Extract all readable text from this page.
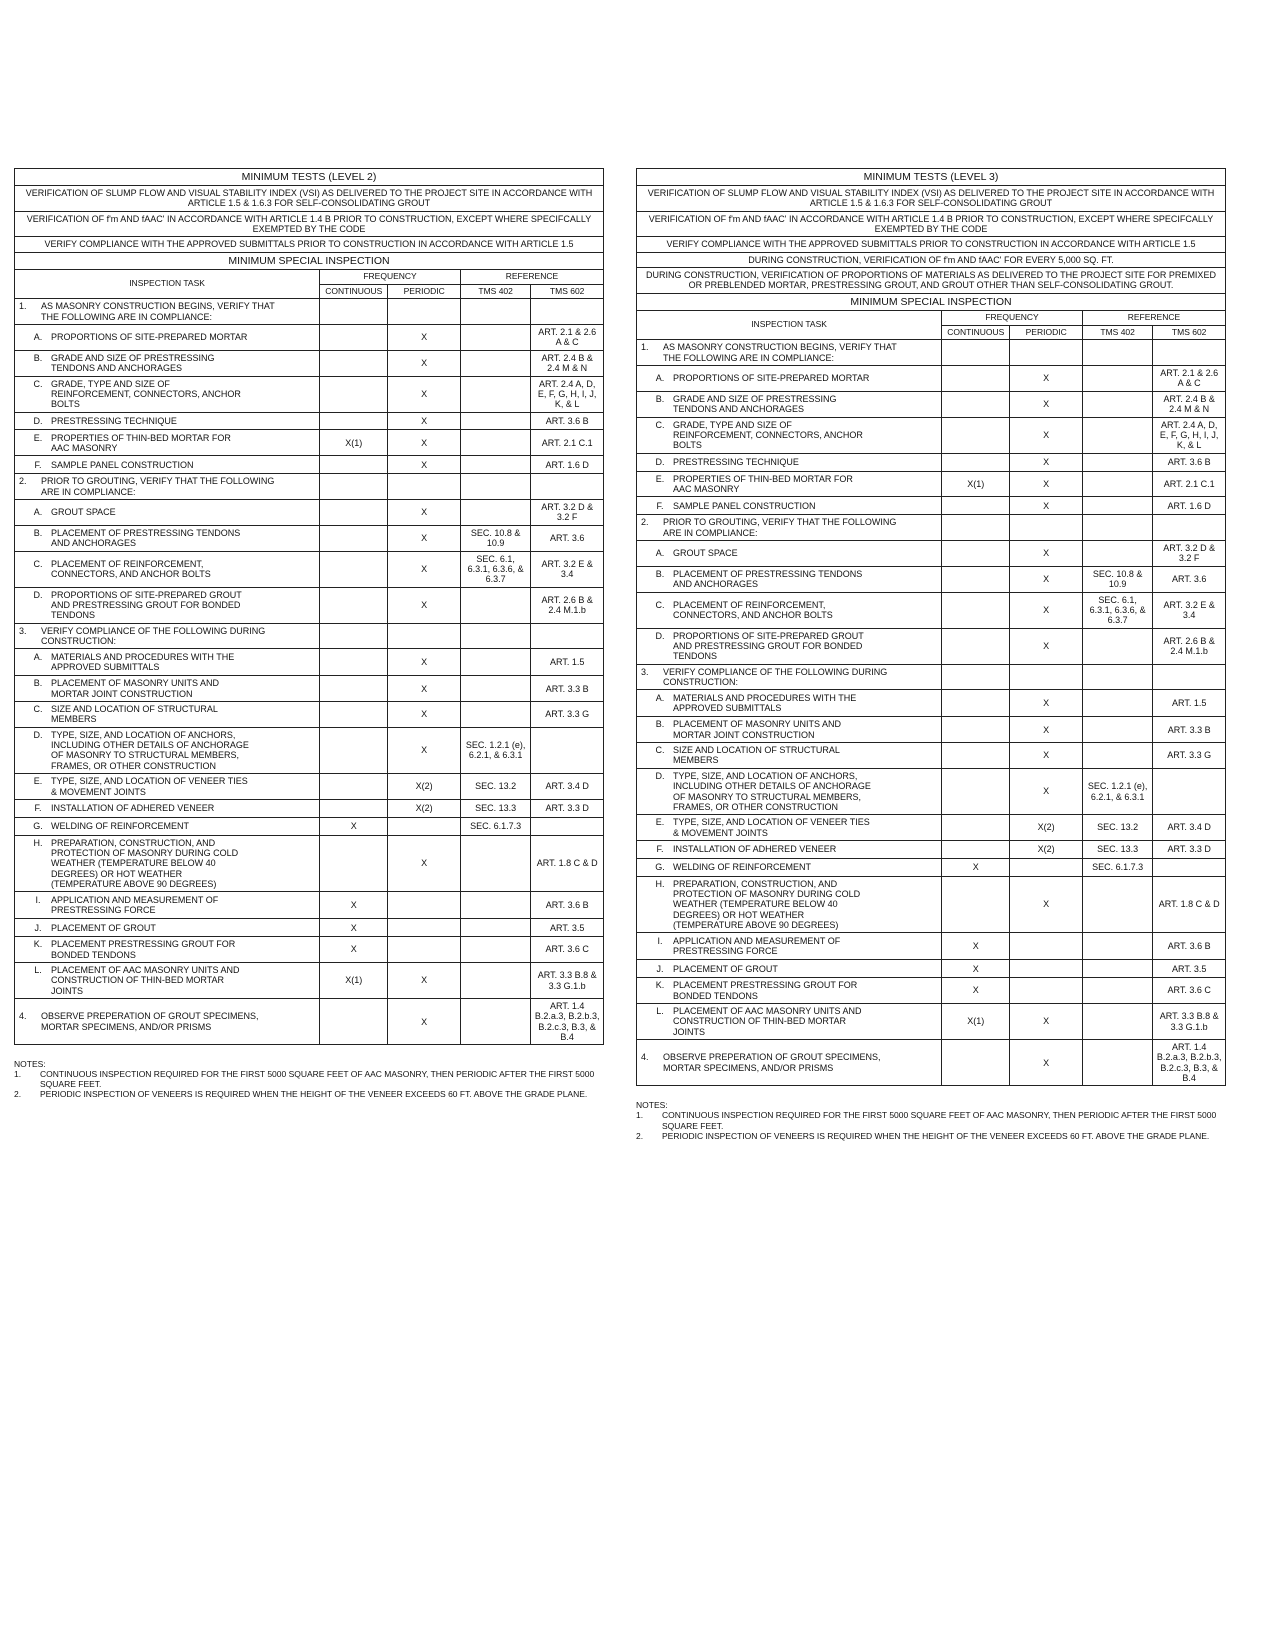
MINIMUM TESTS (LEVEL 2)				
VERIFICATION OF SLUMP FLOW AND VISUAL STABILITY INDEX (VSI) AS DELIVERED TO THE PROJECT SITE IN ACCORDANCE WITH ARTICLE 1.5 & 1.6.3 FOR SELF-CONSOLIDATING GROUT				
VERIFICATION OF f'm AND fAAC' IN ACCORDANCE WITH ARTICLE 1.4 B PRIOR TO CONSTRUCTION, EXCEPT WHERE SPECIFCALLY EXEMPTED BY THE CODE				
VERIFY COMPLIANCE WITH THE APPROVED SUBMITTALS PRIOR TO CONSTRUCTION IN ACCORDANCE WITH ARTICLE 1.5				
MINIMUM SPECIAL INSPECTION				
INSPECTION TASK	FREQUENCY		REFERENCE	
	CONTINUOUS	PERIODIC	TMS 402	TMS 602
1. AS MASONRY CONSTRUCTION BEGINS, VERIFY THAT THE FOLLOWING ARE IN COMPLIANCE:				
A. PROPORTIONS OF SITE-PREPARED MORTAR		X		ART. 2.1 & 2.6 A & C
B. GRADE AND SIZE OF PRESTRESSING TENDONS AND ANCHORAGES		X		ART. 2.4 B & 2.4 M & N
C. GRADE, TYPE AND SIZE OF REINFORCEMENT, CONNECTORS, ANCHOR BOLTS		X		ART. 2.4 A, D, E, F, G, H, I, J, K, & L
D. PRESTRESSING TECHNIQUE		X		ART. 3.6 B
E. PROPERTIES OF THIN-BED MORTAR FOR AAC MASONRY	X(1)	X		ART. 2.1 C.1
F. SAMPLE PANEL CONSTRUCTION		X		ART. 1.6 D
2. PRIOR TO GROUTING, VERIFY THAT THE FOLLOWING ARE IN COMPLIANCE:				
A. GROUT SPACE		X		ART. 3.2 D & 3.2 F
B. PLACEMENT OF PRESTRESSING TENDONS AND ANCHORAGES		X	SEC. 10.8 & 10.9	ART. 3.6
C. PLACEMENT OF REINFORCEMENT, CONNECTORS, AND ANCHOR BOLTS		X	SEC. 6.1, 6.3.1, 6.3.6, & 6.3.7	ART. 3.2 E & 3.4
D. PROPORTIONS OF SITE-PREPARED GROUT AND PRESTRESSING GROUT FOR BONDED TENDONS		X		ART. 2.6 B & 2.4 M.1.b
3. VERIFY COMPLIANCE OF THE FOLLOWING DURING CONSTRUCTION:				
A. MATERIALS AND PROCEDURES WITH THE APPROVED SUBMITTALS		X		ART. 1.5
B. PLACEMENT OF MASONRY UNITS AND MORTAR JOINT CONSTRUCTION		X		ART. 3.3 B
C. SIZE AND LOCATION OF STRUCTURAL MEMBERS		X		ART. 3.3 G
D. TYPE, SIZE, AND LOCATION OF ANCHORS, INCLUDING OTHER DETAILS OF ANCHORAGE OF MASONRY TO STRUCTURAL MEMBERS, FRAMES, OR OTHER CONSTRUCTION		X	SEC. 1.2.1 (e), 6.2.1, & 6.3.1	
E. TYPE, SIZE, AND LOCATION OF VENEER TIES & MOVEMENT JOINTS		X(2)	SEC. 13.2	ART. 3.4 D
F. INSTALLATION OF ADHERED VENEER		X(2)	SEC. 13.3	ART. 3.3 D
G. WELDING OF REINFORCEMENT	X		SEC. 6.1.7.3	
H. PREPARATION, CONSTRUCTION, AND PROTECTION OF MASONRY DURING COLD WEATHER (TEMPERATURE BELOW 40 DEGREES) OR HOT WEATHER (TEMPERATURE ABOVE 90 DEGREES)		X		ART. 1.8 C & D
I. APPLICATION AND MEASUREMENT OF PRESTRESSING FORCE	X			ART. 3.6 B
J. PLACEMENT OF GROUT	X			ART. 3.5
K. PLACEMENT PRESTRESSING GROUT FOR BONDED TENDONS	X			ART. 3.6 C
L. PLACEMENT OF AAC MASONRY UNITS AND CONSTRUCTION OF THIN-BED MORTAR JOINTS	X(1)	X		ART. 3.3 B.8 & 3.3 G.1.b
4. OBSERVE PREPERATION OF GROUT SPECIMENS, MORTAR SPECIMENS, AND/OR PRISMS		X		ART. 1.4 B.2.a.3, B.2.b.3, B.2.c.3, B.3, & B.4
NOTES:
1.	CONTINUOUS INSPECTION REQUIRED FOR THE FIRST 5000 SQUARE FEET OF AAC MASONRY, THEN PERIODIC AFTER THE FIRST 5000 SQUARE FEET.
2.	PERIODIC INSPECTION OF VENEERS IS REQUIRED WHEN THE HEIGHT OF THE VENEER EXCEEDS 60 FT. ABOVE THE GRADE PLANE.
MINIMUM TESTS (LEVEL 3)				
VERIFICATION OF SLUMP FLOW AND VISUAL STABILITY INDEX (VSI) AS DELIVERED TO THE PROJECT SITE IN ACCORDANCE WITH ARTICLE 1.5 & 1.6.3 FOR SELF-CONSOLIDATING GROUT				
VERIFICATION OF f'm AND fAAC' IN ACCORDANCE WITH ARTICLE 1.4 B PRIOR TO CONSTRUCTION, EXCEPT WHERE SPECIFCALLY EXEMPTED BY THE CODE				
VERIFY COMPLIANCE WITH THE APPROVED SUBMITTALS PRIOR TO CONSTRUCTION IN ACCORDANCE WITH ARTICLE 1.5				
DURING CONSTRUCTION, VERIFICATION OF f'm AND fAAC' FOR EVERY 5,000 SQ. FT.				
DURING CONSTRUCTION, VERIFICATION OF PROPORTIONS OF MATERIALS AS DELIVERED TO THE PROJECT SITE FOR PREMIXED OR PREBLENDED MORTAR, PRESTRESSING GROUT, AND GROUT OTHER THAN SELF-CONSOLIDATING GROUT.				
MINIMUM SPECIAL INSPECTION				
INSPECTION TASK	FREQUENCY		REFERENCE	
	CONTINUOUS	PERIODIC	TMS 402	TMS 602
1. AS MASONRY CONSTRUCTION BEGINS, VERIFY THAT THE FOLLOWING ARE IN COMPLIANCE:				
A. PROPORTIONS OF SITE-PREPARED MORTAR		X		ART. 2.1 & 2.6 A & C
B. GRADE AND SIZE OF PRESTRESSING TENDONS AND ANCHORAGES		X		ART. 2.4 B & 2.4 M & N
C. GRADE, TYPE AND SIZE OF REINFORCEMENT, CONNECTORS, ANCHOR BOLTS		X		ART. 2.4 A, D, E, F, G, H, I, J, K, & L
D. PRESTRESSING TECHNIQUE		X		ART. 3.6 B
E. PROPERTIES OF THIN-BED MORTAR FOR AAC MASONRY	X(1)	X		ART. 2.1 C.1
F. SAMPLE PANEL CONSTRUCTION		X		ART. 1.6 D
2. PRIOR TO GROUTING, VERIFY THAT THE FOLLOWING ARE IN COMPLIANCE:				
A. GROUT SPACE		X		ART. 3.2 D & 3.2 F
B. PLACEMENT OF PRESTRESSING TENDONS AND ANCHORAGES		X	SEC. 10.8 & 10.9	ART. 3.6
C. PLACEMENT OF REINFORCEMENT, CONNECTORS, AND ANCHOR BOLTS		X	SEC. 6.1, 6.3.1, 6.3.6, & 6.3.7	ART. 3.2 E & 3.4
D. PROPORTIONS OF SITE-PREPARED GROUT AND PRESTRESSING GROUT FOR BONDED TENDONS		X		ART. 2.6 B & 2.4 M.1.b
3. VERIFY COMPLIANCE OF THE FOLLOWING DURING CONSTRUCTION:				
A. MATERIALS AND PROCEDURES WITH THE APPROVED SUBMITTALS		X		ART. 1.5
B. PLACEMENT OF MASONRY UNITS AND MORTAR JOINT CONSTRUCTION		X		ART. 3.3 B
C. SIZE AND LOCATION OF STRUCTURAL MEMBERS		X		ART. 3.3 G
D. TYPE, SIZE, AND LOCATION OF ANCHORS, INCLUDING OTHER DETAILS OF ANCHORAGE OF MASONRY TO STRUCTURAL MEMBERS, FRAMES, OR OTHER CONSTRUCTION		X	SEC. 1.2.1 (e), 6.2.1, & 6.3.1	
E. TYPE, SIZE, AND LOCATION OF VENEER TIES & MOVEMENT JOINTS		X(2)	SEC. 13.2	ART. 3.4 D
F. INSTALLATION OF ADHERED VENEER		X(2)	SEC. 13.3	ART. 3.3 D
G. WELDING OF REINFORCEMENT	X		SEC. 6.1.7.3	
H. PREPARATION, CONSTRUCTION, AND PROTECTION OF MASONRY DURING COLD WEATHER (TEMPERATURE BELOW 40 DEGREES) OR HOT WEATHER (TEMPERATURE ABOVE 90 DEGREES)		X		ART. 1.8 C & D
I. APPLICATION AND MEASUREMENT OF PRESTRESSING FORCE	X			ART. 3.6 B
J. PLACEMENT OF GROUT	X			ART. 3.5
K. PLACEMENT PRESTRESSING GROUT FOR BONDED TENDONS	X			ART. 3.6 C
L. PLACEMENT OF AAC MASONRY UNITS AND CONSTRUCTION OF THIN-BED MORTAR JOINTS	X(1)	X		ART. 3.3 B.8 & 3.3 G.1.b
4. OBSERVE PREPERATION OF GROUT SPECIMENS, MORTAR SPECIMENS, AND/OR PRISMS		X		ART. 1.4 B.2.a.3, B.2.b.3, B.2.c.3, B.3, & B.4
NOTES:
1.	CONTINUOUS INSPECTION REQUIRED FOR THE FIRST 5000 SQUARE FEET OF AAC MASONRY, THEN PERIODIC AFTER THE FIRST 5000 SQUARE FEET.
2.	PERIODIC INSPECTION OF VENEERS IS REQUIRED WHEN THE HEIGHT OF THE VENEER EXCEEDS 60 FT. ABOVE THE GRADE PLANE.
